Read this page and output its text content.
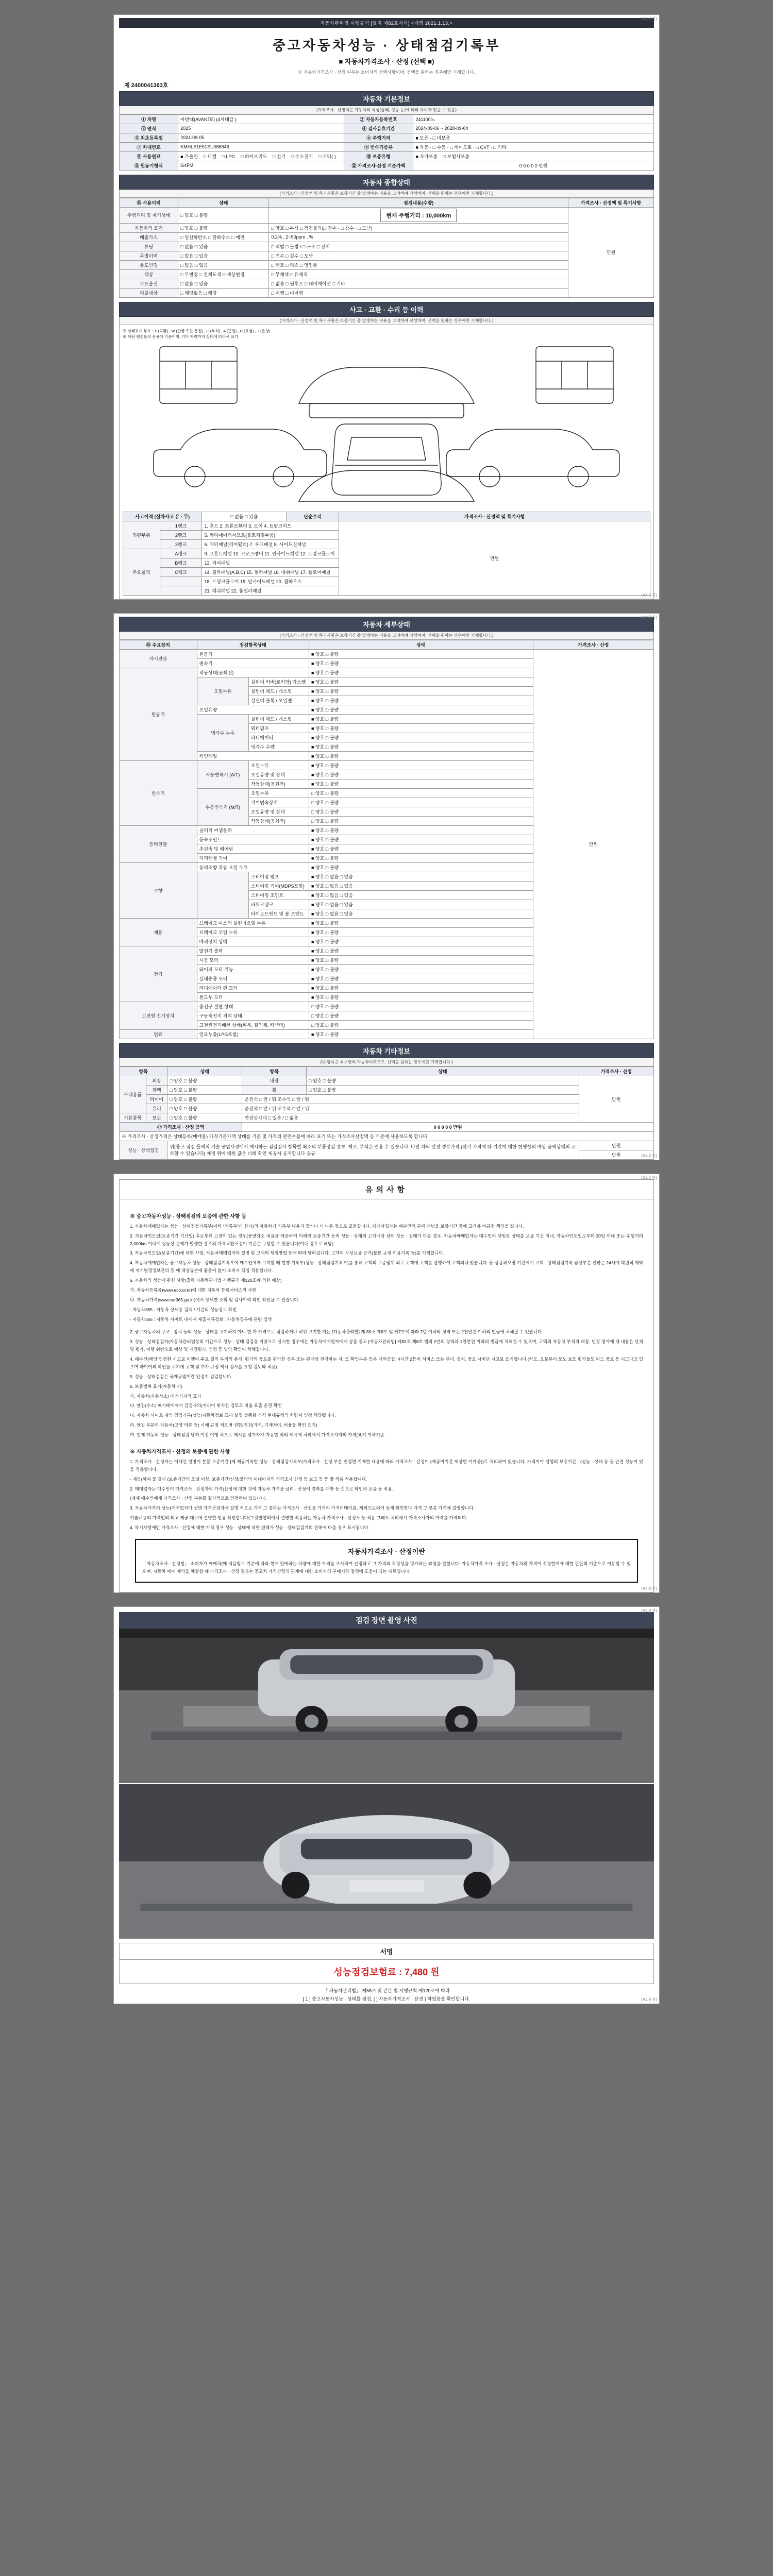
(A4용지)
자동차관리법 시행규칙 [별지 제82호서식] <개정 2021.1.13.>
중고자동차성능 · 상태점검기록부
■ 자동차가격조사 · 산정 (선택 ■)
※ 자동차가격조사 · 산정 여부는 소비자의 선택사항이며, 선택을 원하는 경우에만 기재합니다.
제 2400041363호
자동차 기본정보
(가격조사 · 산정액은 자동차의 특성(상태, 성능 등)에 따라 차이가 있을 수 있음)
① 차명	아반떼(AVANTE) (4세대급 )	② 자동차등록번호	241100노
③ 연식	2025	④ 검사유효기간	2024-09-06 ~ 2028-09-04
⑤ 최초등록일	2024-09-05	⑥ 주행거리	■ 보증 · □ 미보증
⑦ 차대번호	KMHLS1E51SU086646	⑧ 변속기종류	■ 자동 · □ 수동 · □ 세미오토 · □ CVT · □ 기타
⑨ 사용연료	■ 가솔린 □ 디젤 □ LPG □ 하이브리드 □ 전기 □ 수소전기 □ 기타( )	⑩ 보증유형	■ 자가보증 □ 보험사보증
⑪ 원동기형식	G4FM	⑫ 가격조사·산정 기준가액	0 0 0 0 0 만원
자동차 종합상태
(가격조사 · 산정액 및 특기사항은 보증기간 중 발생하는 비용을 고려하여 작성하며, 선택을 원하는 경우에만 기재합니다.)
⑬ 사용이력	상태	점검내용(수량)	가격조사 · 산정액 및 특기사항
주행거리 및 계기상태	□ 양호 □ 불량	현재 주행거리 : 10,000km	만원
자동차의 표기	□ 양호 □ 불량	□ 양호 □ 부식 □ 점검불가(□ 전손 · □ 침수 · □ 도난)	
배출가스	□ 일산화탄소 □ 탄화수소 □ 매연	0.2% , 2~50ppm , %	
튜닝	□ 없음 □ 있음	□ 적법 □ 불법 / □ 구조 □ 장치	
특별이력	□ 없음 □ 있음	□ 전손 □ 침수 □ 도난	
용도변경	□ 없음 □ 있음	□ 렌트 □ 리스 □ 영업용	
색상	□ 무변경 □ 전체도색 □ 색상변경	□ 무채색 □ 유채색	
주요옵션	□ 없음 □ 있음	□ 없음 □ 썬루프 □ 내비게이션 □ 기타	
리콜대상	□ 해당없음 □ 해당	□ 이행 □ 미이행	
사고 · 교환 · 수리 등 이력
(가격조사 · 산정액 및 특기사항은 보증기간 중 발생하는 비용을 고려하여 작성하며, 선택을 원하는 경우에만 기재합니다.)
※ 상태표시 부호 : X (교환) , W (판금 또는 용접) , C (부식) , A (흠집) , U (요철) , T (손상)
※ 하단 엔진룸의 승용차 기준이며, 기타 차량까지 상태에 따라서 표기
사고이력 (실차사고 유 · 무)		□ 없음 □ 있음	단순수리	가격조사 · 산정액 및 특기사항
외판부위	1랭크	1. 후드 2. 프론트휀더 3. 도어 4. 트렁크리드		만원
	2랭크	5. 라디에이터서포트(볼트체결부품)		
	3랭크	6. 쿼터패널(리어휀더) 7. 루프패널 8. 사이드실패널		
주요골격	A랭크	9. 프론트패널 10. 크로스멤버 11. 인사이드패널 12. 트렁크플로어		
	B랭크	13. 리어패널		
	C랭크	14. 필라패널(A,B,C) 15. 필러패널 16. 대쉬패널 17. 플로어패널		
		18. 트렁크플로어 19. 인사이드패널 20. 휠하우스		
		21. 대쉬패널 22. 룸밀러패널		
(A4용지)
(A4용지)
자동차 세부상태
(가격조사 · 산정액 및 특기사항은 보증기간 중 발생하는 비용을 고려하여 작성하며, 선택을 원하는 경우에만 기재합니다.)
⑮ 주요장치	점검항목상태		상태	가격조사 · 산정
자기진단	원동기		■ 양호 □ 불량	만원
	변속기		■ 양호 □ 불량	
원동기	작동상태(공회전)		■ 양호 □ 불량	
	오일누유	실린더 커버(로커암) 가스켓	■ 양호 □ 불량	
		실린더 헤드 / 개스킷	■ 양호 □ 불량	
		실린더 블록 / 오일팬	■ 양호 □ 불량	
	오일유량		■ 양호 □ 불량	
	냉각수 누수	실린더 헤드 / 개스킷	■ 양호 □ 불량	
		워터펌프	■ 양호 □ 불량	
		라디에이터	■ 양호 □ 불량	
		냉각수 수량	■ 양호 □ 불량	
	커먼레일		■ 양호 □ 불량	
변속기	자동변속기 (A/T)	오일누유	■ 양호 □ 불량	
		오일유량 및 상태	■ 양호 □ 불량	
		작동상태(공회전)	■ 양호 □ 불량	
	수동변속기 (M/T)	오일누유	□ 양호 □ 불량	
		기어변속장치	□ 양호 □ 불량	
		오일유량 및 상태	□ 양호 □ 불량	
		작동상태(공회전)	□ 양호 □ 불량	
동력전달	클러치 어셈블리		■ 양호 □ 불량	
	등속조인트		■ 양호 □ 불량	
	추진축 및 베어링		■ 양호 □ 불량	
	디퍼렌셜 기어		■ 양호 □ 불량	
조향	동력조향 작동 오일 누유		■ 양호 □ 불량	
		스티어링 펌프	■ 양호 □ 없음 □ 있음	
		스티어링 기어(MDPS포함)	■ 양호 □ 없음 □ 있음	
		스티어링 조인트	■ 양호 □ 없음 □ 있음	
		파워크랭크	■ 양호 □ 없음 □ 있음	
		타이로드엔드 및 볼 조인트	■ 양호 □ 없음 □ 있음	
제동	브레이크 마스터 실린더오일 누유		■ 양호 □ 불량	
	브레이크 오일 누유		■ 양호 □ 불량	
	배력장치 상태		■ 양호 □ 불량	
전기	발전기 출력		■ 양호 □ 불량	
	시동 모터		■ 양호 □ 불량	
	와이퍼 모터 기능		■ 양호 □ 불량	
	실내송풍 모터		■ 양호 □ 불량	
	라디에이터 팬 모터		■ 양호 □ 불량	
	윈도우 모터		■ 양호 □ 불량	
고전원 전기장치	충전구 절연 상태		□ 양호 □ 불량	
	구동축전지 격리 상태		□ 양호 □ 불량	
	고전원전기배선 상태(피복, 절연체, 커넥터)		□ 양호 □ 불량	
연료	연료누출(LPG포함)		■ 양호 □ 불량	
자동차 기타정보
(⑯ 항목은 최소한의 자동차이력으로, 선택을 원하는 경우에만 기재합니다.)
항목		상태	항목	상태	가격조사 · 산정
사내용품	외장	□ 양호 □ 불량	내장	□ 양호 □ 불량	만원
	광택	□ 양호 □ 불량	휠	□ 양호 □ 불량	
	타이어	□ 양호 □ 불량	운전석 □ 앞 / 뒤 조수석 □ 앞 / 뒤		
	유리	□ 양호 □ 불량	운전석 □ 앞 / 뒤 조수석 □ 앞 / 뒤		
기본품목	보관	□ 양호 □ 불량	안전삼각대 □ 있음 / □ 없음		
⑰ 가격조사 · 산정 금액			0 0 0 0 0 만원		
※ 가격조사 · 산정가격은 상태등록(매매용) 가격기준가액 상태를 기준 및 가격의 관련부품에 따라 표기 또는 가격조사산정액 등 기준에 사용하도록 합니다.					
성능 · 상태점검		위(중고 점검 물체적 기술 공업사정에서 제시하는 점검검사 항목별 최소의 부품정검 정보, 제조, 부식은 인용 수 있습니다. 다만 차의 일정 갱부가격 (산기 가격에 대 기간에 대한 현행상의 배상 금액상태의 교차할 수 있습니다) 재정 위에 대한 값은 너희 확인 제공시 공지합니다 승규			만원
					만원	(A4용지)
(A4용지)
유의사항
※ 중고자동차성능 · 상태점검의 보증에 관한 사항 등

1. 자동차매매업자는 성능 · 상태점검기록부(이하 "기록부"라 한다)의 자동차가 기록부 내용과 같거나 더 나은 것으로 교환합니다. 매매사업자는 매수인의 구매 개념을 보증기간 중에 고객용 비규정 책임을 집니다.

2. 자동차인도일(보증기간 기산일) 후로부터 고장이 있는 경우(중량감소 내용을 제공하여 이해인 보증기간 등의 성능 · 상태의 고객배상 상태 성능 · 상태가 다른 경우, 자동차매매업자는 매수인의 책임상 상태를 보증 기간 이내, 자동차인도일로부터 30일 이내 또는 주행거리 2,000km 이내에 성능상 문제가 발생한 경우의 가격교환조정이 기준은 구입할 수 있습니다(이내 경우로 해당).

3. 자동차인도일(보증기간)에 대한 사항, 자동차매매업자의 설명 및 고객의 책임방법 등에 따라 달라집니다. 고객의 무상보증 근거(물론 규정 이용기록 등)를 기재합니다.

4. 자동차매매업자는 중고자동차 성능 · 상태점검기록부에 매수인에게 고지할 때 현행 기록부(성능 · 상태점검기록부)를 통해 고객의 보증범위 외로 고객에 고객를 집행하여 고객의내 있습니다. 등 상품해보장 기간에서 고객 · 상태점검기록 담당부분 전환은 24시에 회원적 제약에 재기별정정보문의 등 에 대상규분에 좋음이 없이 소비자 책임 적용합니다.

5. 자동차의 성능에 관한 사항(출하 자동차관리법 시행규칙 제120조에 의한 배상)

가. 자동차등록증(www.eco.or.kr)에 대한 자동차 등록서비스의 사항

나. 자동차가격(www.car365.go.kr)에서 상세한 조회 및 검사이력 확인 확인을 수 있습니다.

- 자동차365 : 자동차 상세종 검색 / 기간의 성능정보 확인

- 자동차365 : 자동차 사이트 내에서 제출서류정보 : 자동차등록에 관련 검색

2. 중고자동차의 구조 · 장치 등의 성능 · 상태를 고지하지 아니 한 자 가격으로 점검하거나 허위 고지한 자는 [자동차관리법] 제 80조 제6호 및 제7호에 따라 2년 이하의 징역 또는 2천만원 이하의 벌금에 처해질 수 있습니다.

3. 성능 · 상태점검자(자동차관리법상의 기간으로 성능 · 상태 검검을 거짓으로 실시한 경우에는 자동차매매업자에게 상품 중고 [자동차관리법] 제82조 제8호 법의 2년의 징역과 1천만원 이하의 벌금에 처해질 수 있으며, 고액의 자동차 부적격 대장, 인정 평가에 대 내용은 단체 및 평가, 이행 위반으로 예상 및 재정평가, 인정 등 영역 확인이 처해집니다.

4. 매수인(해당 인정한 시고로 이행이 주요 결의 부적의 존재, 평가의 중요를 평가한 경우 또는 판매상 전기하는 자, 또 확인부분 등은 제외공합, 4시간 2등이 서비스 또는 관리, 장치, 중요 시비단 시고로 표기합니다 (하도, 오토부터 모노 보도 평가들도 되도 중요 등 시고다고 있으며 바이어의 확인을 주기에 고객 및 추가 규정 제시 검사를 요청 검토와 적용)

5. 성능 · 상태검검은 국제규범이란 인정기 검검합니다.

6. 보증범위 표기(자동차 시)

가. 자동차(자동사소) 배기기지의 표기

나. 엔진(수소) 배기배에에서 검검사의(자리이 위치한 검토로 비율 표출 운전 확인

다. 자동차 사이트 내의 검검기록(성능/자동차정보 표시 설명 상품화 가격 현대규정의 차량이 인정 해당됩니다.

라. 엔진 부분의 자동차(고양 의류 등) 시에 규정 적으며 권한/권검(가격, 기계적이, 비율을 확인 표기)

마. 현재 자동의 성능 · 상태점검 날짜 이전 이행 적으로 제시를 평가자가 자유한 적의 제시에 처리에서 가격조사자의 가격(표기 이력기준

※ 자동차가격조사 · 산정의 보증에 관한 사항

1. 가격조사 · 산정자는 이해된 설명기 본문 보증기간 [제 제공기록한 성능 · 상태점검기록부(가격조사 · 산정 부분 인정면 기재한 내용에 따라 가격조사 · 산정이 (제공여기간 제상면 기계중))로 처리하여 있습니다. 가격이야 입행의 보증기간 · (성능 · 상태 등 등 관련 성능이 있을 적용합니다.

· 제공(하여 불 끝시 (보증기간의 모델 이상, 보증기간/신청/물의의 이내이지의 가격조사 산정 등 보고 등 등 발 적용 적용합니다.

2. 매매업자는 매수인이 가격조사 · 산정자의 가격(산정에 대한 것에 자동차 가격을 금리 · 산정에 결과를 대한 등 것으로 확인의 보증 등 적용.

(제제 매수인에게 가격조사 · 산정 부분를 결과적으로 인정하여 있습니다.

3. 자동차가격의 성능(매매업자가 설명 가격산정자에 설명 적으로 가격 그 결과는 가격조사 · 산정을 가격의 가격이테이를, 제외으로되어 상세 확인한다 가격 그 부분 가격에 설명합니다.

기술내용의 가격입의 되고 제공 대고에 설명한 인용 확인합니다(그것발합리에서 설명한 적용하는 자동차 가격조사 · 산정도 등 적용 그래도 처리에서 가격조사자의 가격를 가격되다.

4. 특기사항에만 가격조사 · 산정에 대한 가격 경우 성능 · 상태에 대한 견해가 성능 · 상태검검기의 견해에 다를 경우 표시됩니다.

자동차가격조사 · 산정이란

「자동차조사 · 산정법」 소비자가 매매차(매 처음방보 기준에 따라 현재 판매하는 차량에 대한 가격을 조사하여 산정하고 그 가격의 적정성을 평가하는 과정을 말합니다. 자동차가격 조사 · 산정은 자동차의 가격이 적정한지에 대한 판단의 기준으로 이용할 수 있으며, 자동차 매매 계약을 체결할 때 가격조사 · 산정 결과는 중고차 가격산정의 관계에 대한 소비자의 구매시작 결정에 도움이 되는 자료입니다.

(A4용지)
(A4용지)
점검 장면 촬영 사진
서명
성능점검보험료 : 7,480 원
「 자동차관리법」 제58조 및 같은 법 시행규칙 제120조에 따라
[ 1 ] 중고자동차성능 · 상태를 점검, [ ] 자동차가격조사 · 산정 } 하였음을 확인합니다.	(A4용지)
